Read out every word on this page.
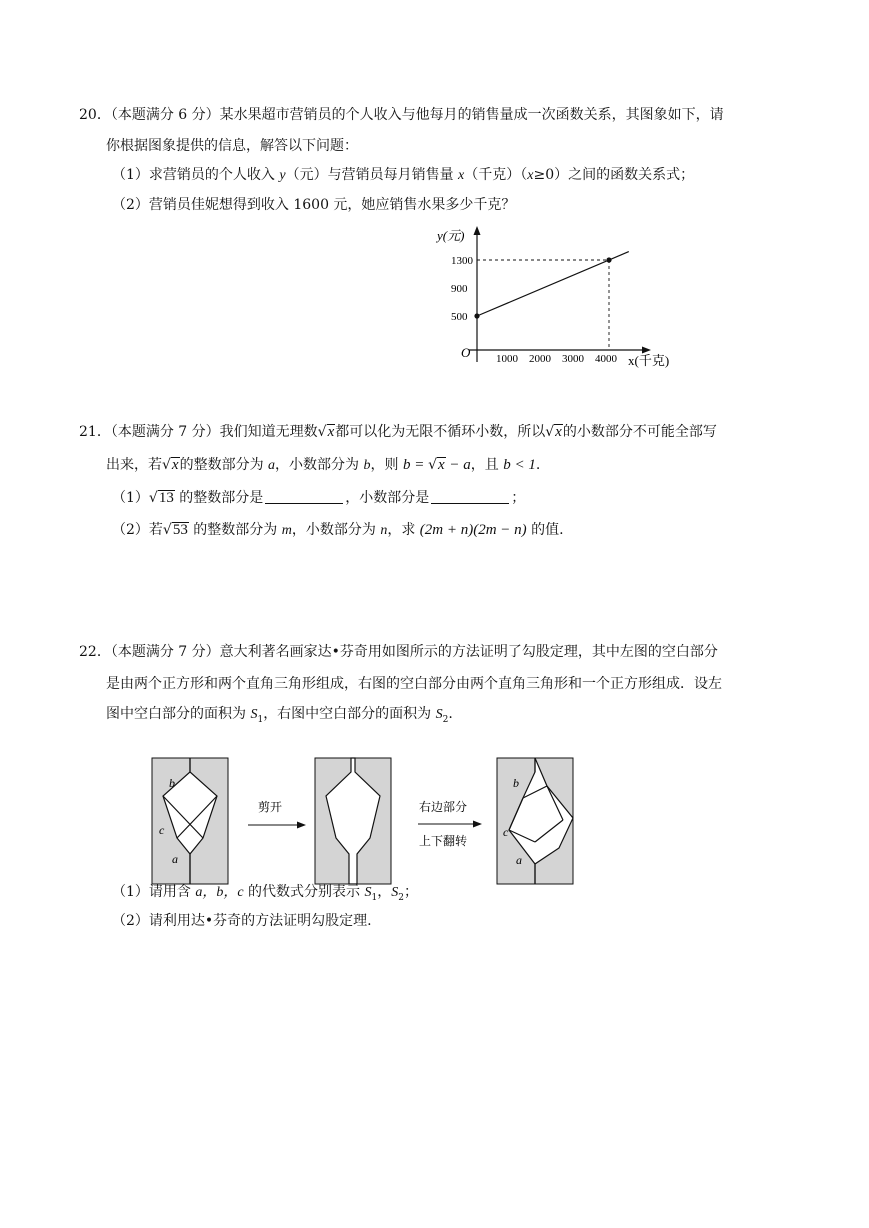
20．（本题满分 6 分）某水果超市营销员的个人收入与他每月的销售量成一次函数关系，其图象如下，请
你根据图象提供的信息，解答以下问题：
（1）求营销员的个人收入 y（元）与营销员每月销售量 x（千克）（x≥0）之间的函数关系式；
（2）营销员佳妮想得到收入 1600 元，她应销售水果多少千克？
y(元)
x(千克)
O
500
900
1300
1000 2000 3000 4000
21．（本题满分 7 分）我们知道无理数√x都可以化为无限不循环小数，所以√x的小数部分不可能全部写
出来，若√x的整数部分为 a，小数部分为 b，则 b = √x − a，且 b < 1.
（1）√13 的整数部分是	，小数部分是	；
（2）若√53 的整数部分为 m，小数部分为 n，求 (2m + n)(2m − n) 的值.
22．（本题满分 7 分）意大利著名画家达•芬奇用如图所示的方法证明了勾股定理，其中左图的空白部分
是由两个正方形和两个直角三角形组成，右图的空白部分由两个直角三角形和一个正方形组成．设左
图中空白部分的面积为 $S_1$，右图中空白部分的面积为 $S_2$.
b
c
a
剪开	右边部分
上下翻转
b
c
a
（1）请用含 a，b，c 的代数式分别表示 $S_1$，$S_2$；
（2）请利用达•芬奇的方法证明勾股定理.
